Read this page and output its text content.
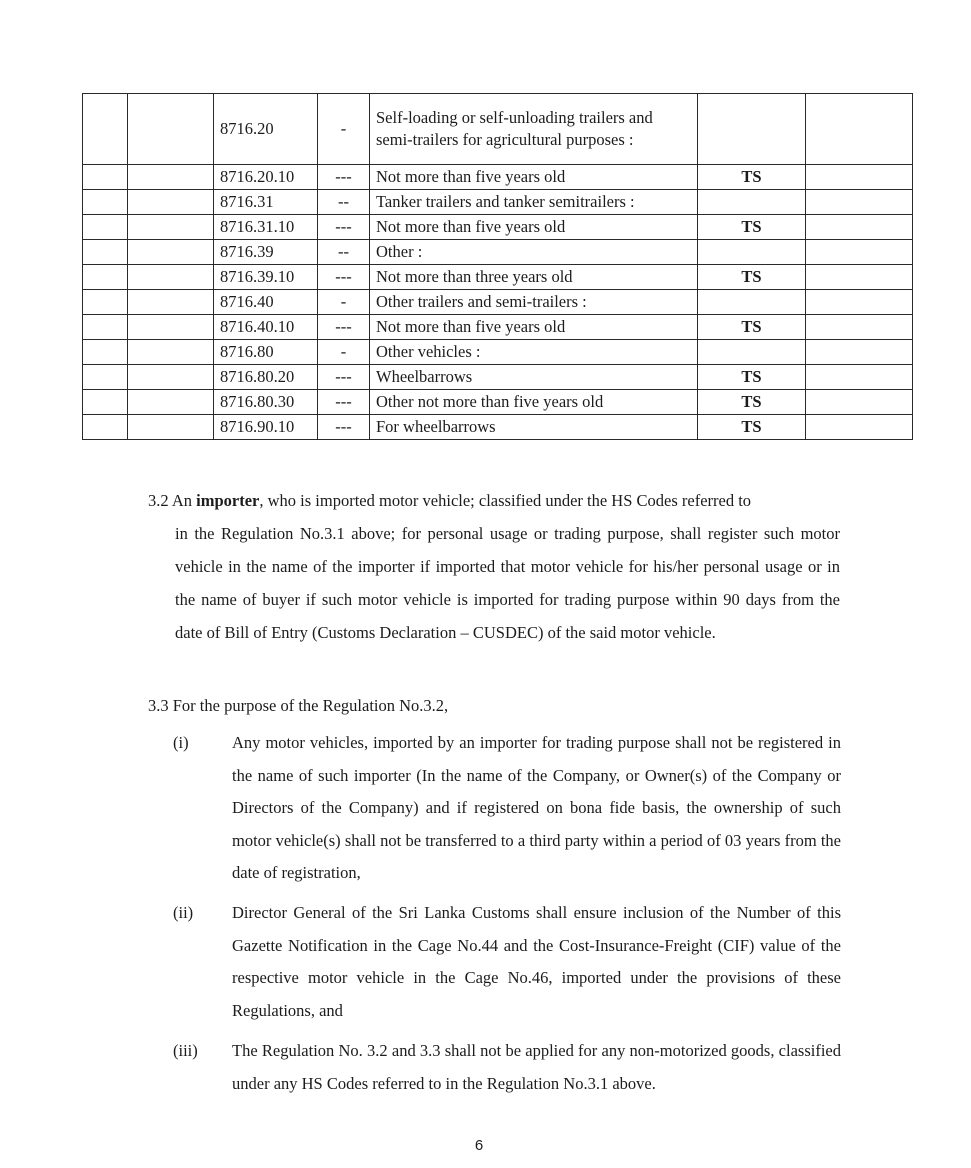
		8716.20	-	Self-loading or self-unloading trailers and semi-trailers for agricultural purposes :		
		8716.20.10	---	Not more than five years old	TS	
		8716.31	--	Tanker trailers and tanker semitrailers :		
		8716.31.10	---	Not more than five years old	TS	
		8716.39	--	Other :		
		8716.39.10	---	Not more than three years old	TS	
		8716.40	-	Other trailers and semi-trailers :		
		8716.40.10	---	Not more than five years old	TS	
		8716.80	-	Other vehicles :		
		8716.80.20	---	Wheelbarrows	TS	
		8716.80.30	---	Other not more than five years old	TS	
		8716.90.10	---	For wheelbarrows	TS	
3.2 An importer, who is imported motor vehicle; classified under the HS Codes referred to
in the Regulation No.3.1 above; for personal usage or trading purpose, shall register such motor vehicle in the name of the importer if imported that motor vehicle for his/her personal usage or in the name of buyer if such motor vehicle is imported for trading purpose within 90 days from the date of Bill of Entry (Customs Declaration – CUSDEC) of the said motor vehicle.
3.3 For the purpose of the Regulation No.3.2,
(i)	Any motor vehicles, imported by an importer for trading purpose shall not be registered in the name of such importer (In the name of the Company, or Owner(s) of the Company or Directors of the Company) and if registered on bona fide basis, the ownership of such motor vehicle(s) shall not be transferred to a third party within a period of 03 years from the date of registration,
(ii)	Director General of the Sri Lanka Customs shall ensure inclusion of the Number of this Gazette Notification in the Cage No.44 and the Cost-Insurance-Freight (CIF) value of the respective motor vehicle in the Cage No.46, imported under the provisions of these Regulations, and
(iii)	The Regulation No. 3.2 and 3.3 shall not be applied for any non-motorized goods, classified under any HS Codes referred to in the Regulation No.3.1 above.
6
